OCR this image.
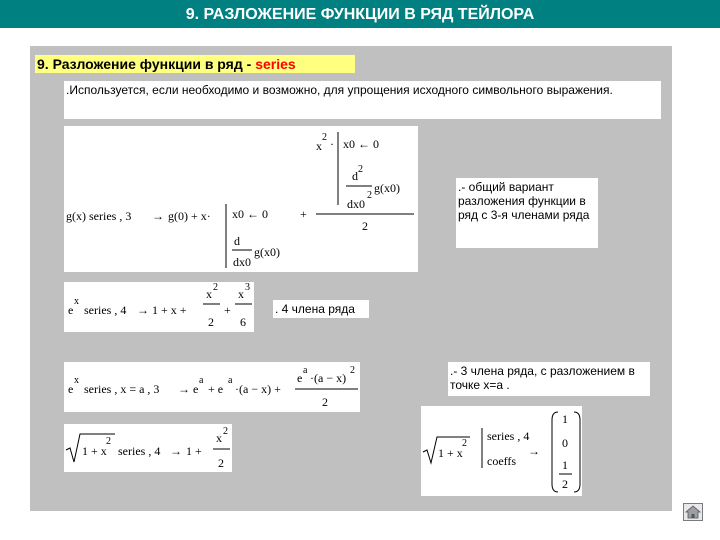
9. РАЗЛОЖЕНИЕ ФУНКЦИИ В РЯД ТЕЙЛОРА
9. Разложение функции в ряд - series
.Используется, если необходимо и возможно, для упрощения исходного символьного выражения.
.- общий вариант разложения функции в ряд с 3-я членами ряда
. 4 члена ряда
.- 3 члена ряда, с разложением в точке x=a .
g(x) series , 3 → g(0) + x· x0 ← 0
d
dx0
g(x0)
+
x
2 · x0 ← 0
d 2
g(x0)
dx0
2
2
e
x
series , 4 → 1 + x +
x 2
2
+
x 3
6
e
x
series , x = a , 3 → e
a
+ e
a
·(a − x) +
e
a
·(a − x)
2
2
1 + x
2
series , 4 → 1 +
x 2
2
1 + x
2
series , 4
coeffs
→
1
0
1
2
